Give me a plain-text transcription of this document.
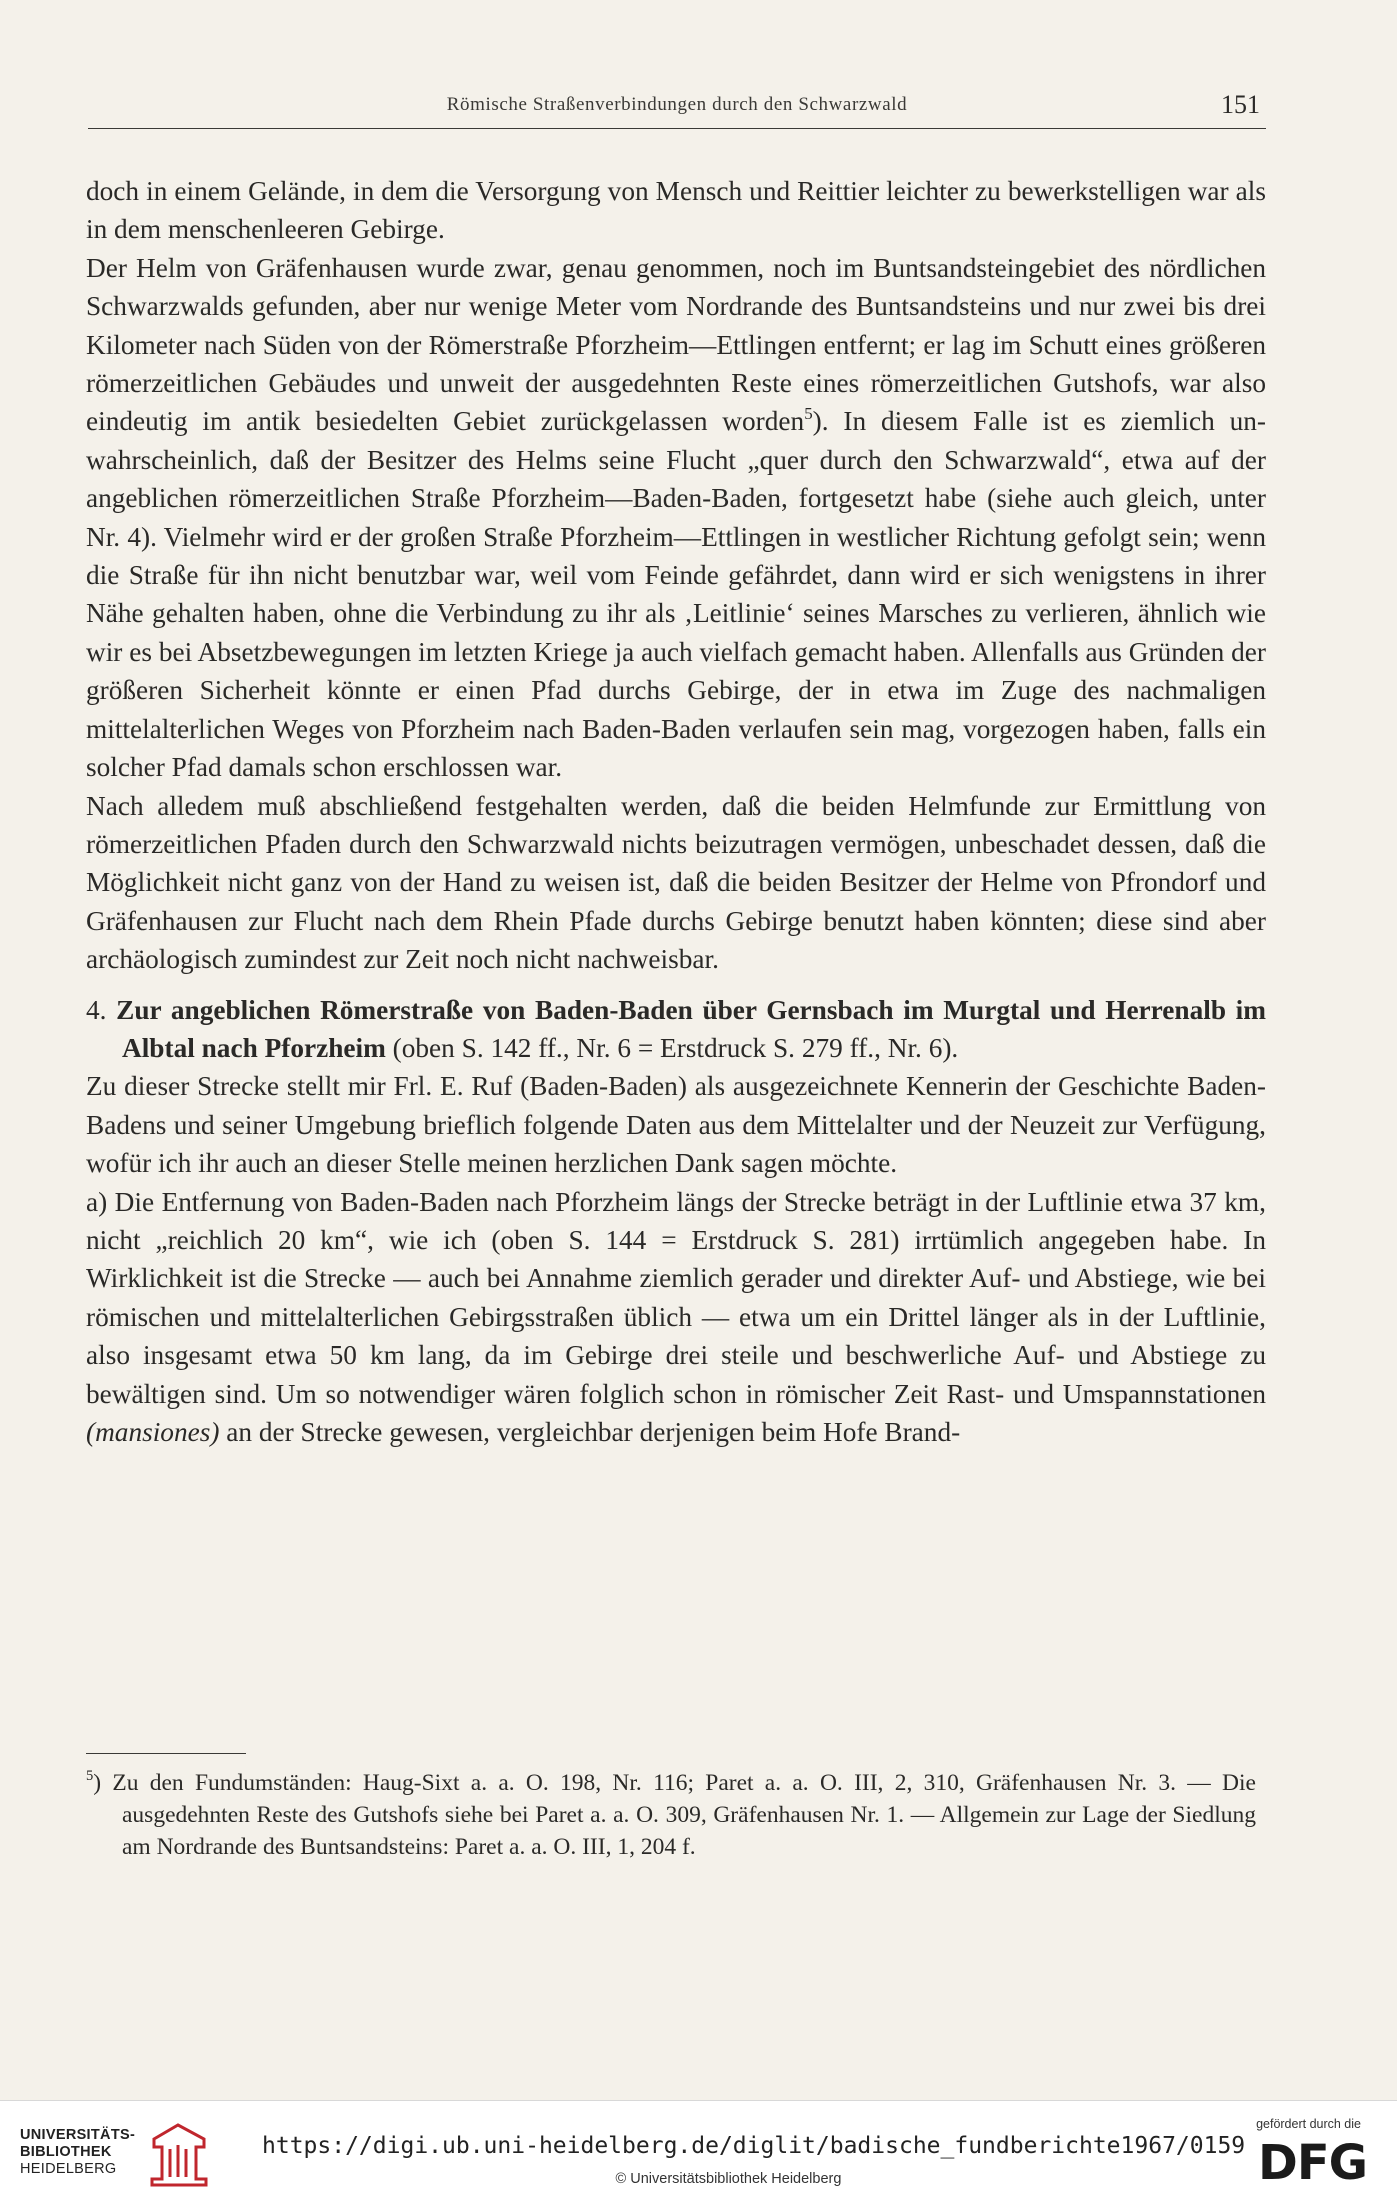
Römische Straßenverbindungen durch den Schwarzwald	151

doch in einem Gelände, in dem die Versorgung von Mensch und Reittier leichter zu bewerkstelligen war als in dem menschenleeren Gebirge.

Der Helm von Gräfenhausen wurde zwar, genau genommen, noch im Buntsandsteingebiet des nördlichen Schwarzwalds gefunden, aber nur wenige Meter vom Nordrande des Buntsandsteins und nur zwei bis drei Kilometer nach Süden von der Römerstraße Pforzheim—Ettlingen entfernt; er lag im Schutt eines größeren römerzeitlichen Gebäudes und unweit der ausgedehnten Reste eines römerzeitlichen Gutshofs, war also eindeutig im antik besiedelten Gebiet zurückgelassen worden$^5$). In diesem Falle ist es ziemlich unwahrscheinlich, daß der Besitzer des Helms seine Flucht „quer durch den Schwarzwald“, etwa auf der angeblichen römerzeitlichen Straße Pforzheim—Baden-Baden, fortgesetzt habe (siehe auch gleich, unter Nr. 4). Vielmehr wird er der großen Straße Pforzheim—Ettlingen in westlicher Richtung gefolgt sein; wenn die Straße für ihn nicht benutzbar war, weil vom Feinde gefährdet, dann wird er sich wenigstens in ihrer Nähe gehalten haben, ohne die Verbindung zu ihr als ‚Leitlinie‘ seines Marsches zu verlieren, ähnlich wie wir es bei Absetzbewegungen im letzten Kriege ja auch vielfach gemacht haben. Allenfalls aus Gründen der größeren Sicherheit könnte er einen Pfad durchs Gebirge, der in etwa im Zuge des nachmaligen mittelalterlichen Weges von Pforzheim nach Baden-Baden verlaufen sein mag, vorgezogen haben, falls ein solcher Pfad damals schon erschlossen war.

Nach alledem muß abschließend festgehalten werden, daß die beiden Helmfunde zur Ermittlung von römerzeitlichen Pfaden durch den Schwarzwald nichts beizutragen vermögen, unbeschadet dessen, daß die Möglichkeit nicht ganz von der Hand zu weisen ist, daß die beiden Besitzer der Helme von Pfrondorf und Gräfenhausen zur Flucht nach dem Rhein Pfade durchs Gebirge benutzt haben könnten; diese sind aber archäologisch zumindest zur Zeit noch nicht nachweisbar.

4. Zur angeblichen Römerstraße von Baden-Baden über Gernsbach im Murgtal und Herrenalb im Albtal nach Pforzheim (oben S. 142 ff., Nr. 6 = Erstdruck S. 279 ff., Nr. 6).

Zu dieser Strecke stellt mir Frl. E. Ruf (Baden-Baden) als ausgezeichnete Kennerin der Geschichte Baden-Badens und seiner Umgebung brieflich folgende Daten aus dem Mittelalter und der Neuzeit zur Verfügung, wofür ich ihr auch an dieser Stelle meinen herzlichen Dank sagen möchte.

a) Die Entfernung von Baden-Baden nach Pforzheim längs der Strecke beträgt in der Luftlinie etwa 37 km, nicht „reichlich 20 km“, wie ich (oben S. 144 = Erstdruck S. 281) irrtümlich angegeben habe. In Wirklichkeit ist die Strecke — auch bei Annahme ziemlich gerader und direkter Auf- und Abstiege, wie bei römischen und mittelalterlichen Gebirgsstraßen üblich — etwa um ein Drittel länger als in der Luftlinie, also insgesamt etwa 50 km lang, da im Gebirge drei steile und beschwerliche Auf- und Abstiege zu bewältigen sind. Um so notwendiger wären folglich schon in römischer Zeit Rast- und Umspannstationen (mansiones) an der Strecke gewesen, vergleichbar derjenigen beim Hofe Brand-

$^5$) Zu den Fundumständen: Haug-Sixt a. a. O. 198, Nr. 116; Paret a. a. O. III, 2, 310, Gräfenhausen Nr. 3. — Die ausgedehnten Reste des Gutshofs siehe bei Paret a. a. O. 309, Gräfenhausen Nr. 1. — Allgemein zur Lage der Siedlung am Nordrande des Buntsandsteins: Paret a. a. O. III, 1, 204 f.

UNIVERSITÄTS-
BIBLIOTHEK
HEIDELBERG
https://digi.ub.uni-heidelberg.de/diglit/badische_fundberichte1967/0159
© Universitätsbibliothek Heidelberg
gefördert durch die
DFG
